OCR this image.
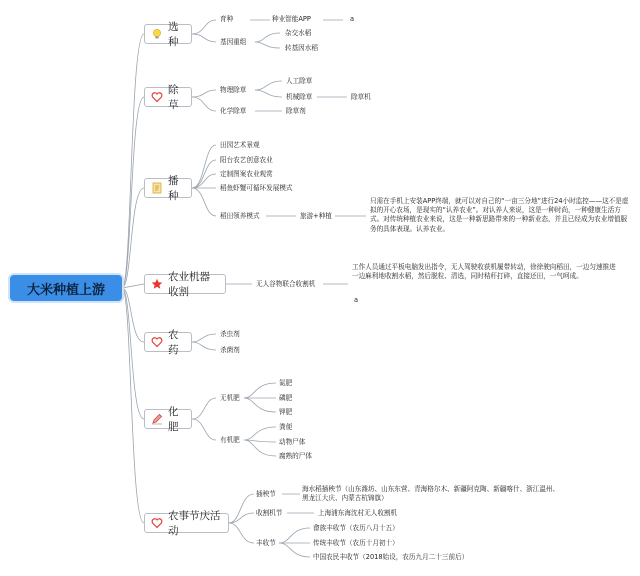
大米种植上游
选种
除草
播种
农业机器收割
农药
化肥
农事节庆活动
育种	种业智能APP	a
基因重组
杂交水稻
转基因水稻
物理除草
人工除草
机械除草	除草机
化学除草	除草剂
田园艺术景观
阳台农艺创意农业
定制图案农业观赏
稻鱼虾蟹可循环发展模式
稻田领养模式	旅游+种植
只需在手机上安装APP终端，就可以对自己的“一亩三分地”进行24小时监控——这不是虚拟的开心农场，是现实的“认养农业”。对认养人来说，这是一种时尚，一种健康生活方式。对传统种植农业来说，这是一种新思路带来的一种新业态，并且已经成为农业增值服务的具体表现。认养农业。
无人谷物联合收割机
工作人员通过平板电脑发出指令，无人驾驶收获机履带转动，徐徐驶向稻田，一边匀速推进一边麻利地收割水稻，然后脱粒、清选，同时秸秆打碎，直接还田，一气呵成。
a
杀虫剂
杀菌剂
无机肥
氮肥
磷肥
钾肥
有机肥
粪便
动物尸体
腐熟的尸体
插秧节
海水稻插秧节（山东潍坊、山东东营、青海格尔木、新疆阿克陶、新疆喀什、浙江温州、黑龙江大庆、内蒙古杭锦旗）
收割机节	上海浦东海沈村无人收割机
丰收节
畲族丰收节（农历八月十五）
传统丰收节（农历十月初十）
中国农民丰收节（2018始设，农历九月二十三前后）
